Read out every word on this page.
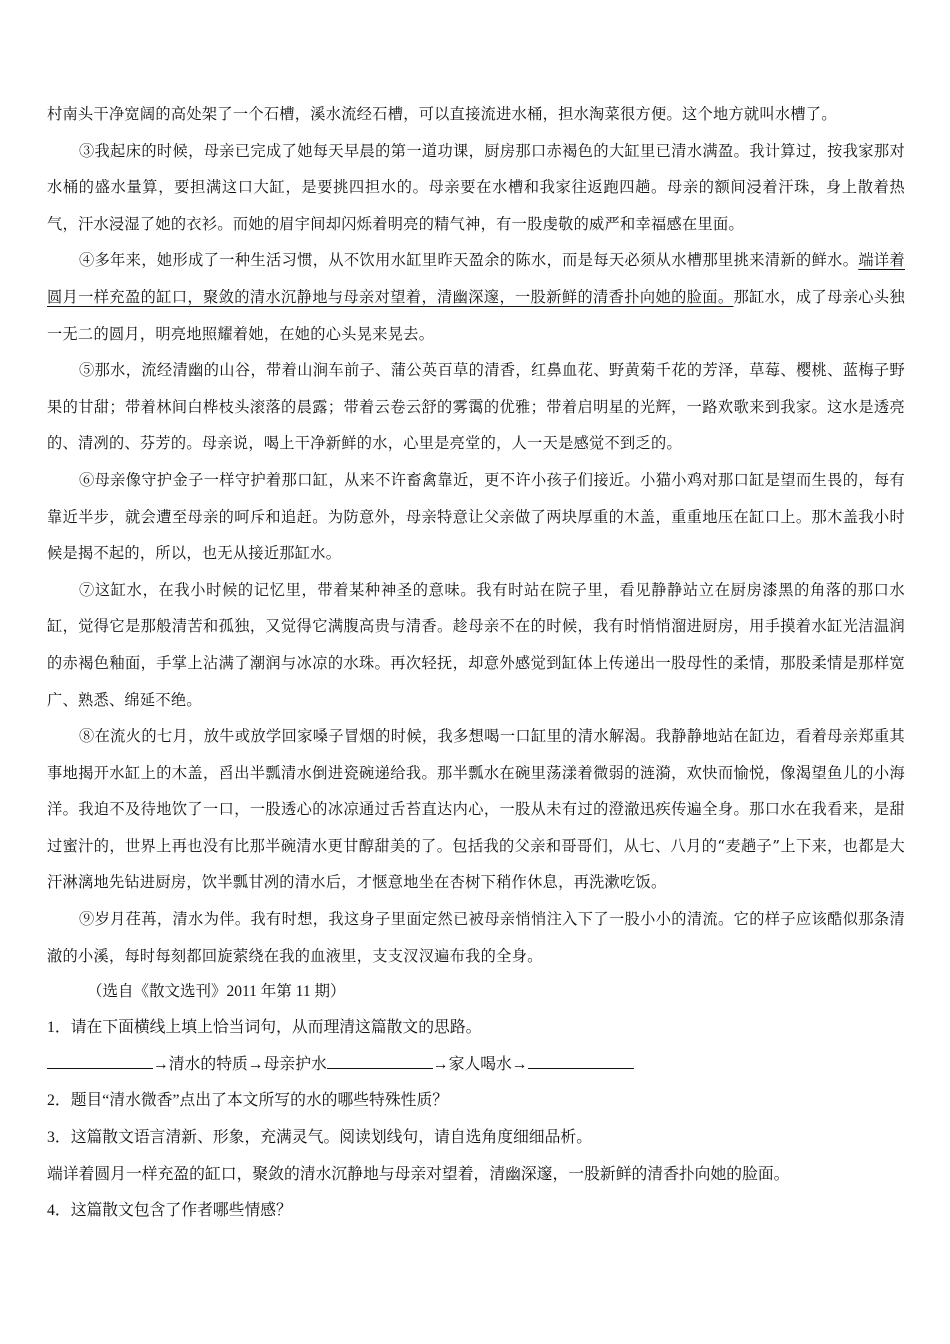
村南头干净宽阔的高处架了一个石槽，溪水流经石槽，可以直接流进水桶，担水淘菜很方便。这个地方就叫水槽了。

③我起床的时候，母亲已完成了她每天早晨的第一道功课，厨房那口赤褐色的大缸里已清水满盈。我计算过，按我家那对水桶的盛水量算，要担满这口大缸，是要挑四担水的。母亲要在水槽和我家往返跑四趟。母亲的额间浸着汗珠，身上散着热气，汗水浸湿了她的衣衫。而她的眉宇间却闪烁着明亮的精气神，有一股虔敬的威严和幸福感在里面。

④多年来，她形成了一种生活习惯，从不饮用水缸里昨天盈余的陈水，而是每天必须从水槽那里挑来清新的鲜水。端详着圆月一样充盈的缸口，聚敛的清水沉静地与母亲对望着，清幽深邃，一股新鲜的清香扑向她的脸面。那缸水，成了母亲心头独一无二的圆月，明亮地照耀着她，在她的心头晃来晃去。

⑤那水，流经清幽的山谷，带着山涧车前子、蒲公英百草的清香，红鼻血花、野黄菊千花的芳泽，草莓、樱桃、蓝梅子野果的甘甜；带着林间白桦枝头滚落的晨露；带着云卷云舒的雾霭的优雅；带着启明星的光辉，一路欢歌来到我家。这水是透亮的、清冽的、芬芳的。母亲说，喝上干净新鲜的水，心里是亮堂的，人一天是感觉不到乏的。

⑥母亲像守护金子一样守护着那口缸，从来不许畜禽靠近，更不许小孩子们接近。小猫小鸡对那口缸是望而生畏的，每有靠近半步，就会遭至母亲的呵斥和追赶。为防意外，母亲特意让父亲做了两块厚重的木盖，重重地压在缸口上。那木盖我小时候是揭不起的，所以，也无从接近那缸水。

⑦这缸水，在我小时候的记忆里，带着某种神圣的意味。我有时站在院子里，看见静静站立在厨房漆黑的角落的那口水缸，觉得它是那般清苦和孤独，又觉得它满腹高贵与清香。趁母亲不在的时候，我有时悄悄溜进厨房，用手摸着水缸光洁温润的赤褐色釉面，手掌上沾满了潮润与冰凉的水珠。再次轻抚，却意外感觉到缸体上传递出一股母性的柔情，那股柔情是那样宽广、熟悉、绵延不绝。

⑧在流火的七月，放牛或放学回家嗓子冒烟的时候，我多想喝一口缸里的清水解渴。我静静地站在缸边，看着母亲郑重其事地揭开水缸上的木盖，舀出半瓢清水倒进瓷碗递给我。那半瓢水在碗里荡漾着微弱的涟漪，欢快而愉悦，像渴望鱼儿的小海洋。我迫不及待地饮了一口，一股透心的冰凉通过舌苔直达内心，一股从未有过的澄澈迅疾传遍全身。那口水在我看来，是甜过蜜汁的，世界上再也没有比那半碗清水更甘醇甜美的了。包括我的父亲和哥哥们，从七、八月的“麦趟子”上下来，也都是大汗淋漓地先钻进厨房，饮半瓢甘冽的清水后，才惬意地坐在杏树下稍作休息，再洗漱吃饭。

⑨岁月荏苒，清水为伴。我有时想，我这身子里面定然已被母亲悄悄注入下了一股小小的清流。它的样子应该酷似那条清澈的小溪，每时每刻都回旋萦绕在我的血液里，支支汊汊遍布我的全身。

（选自《散文选刊》2011 年第 11 期）

1．请在下面横线上填上恰当词句，从而理清这篇散文的思路。

→清水的特质→母亲护水	→家人喝水→

2．题目“清水微香”点出了本文所写的水的哪些特殊性质？

3．这篇散文语言清新、形象，充满灵气。阅读划线句，请自选角度细细品析。

端详着圆月一样充盈的缸口，聚敛的清水沉静地与母亲对望着，清幽深邃，一股新鲜的清香扑向她的脸面。

4．这篇散文包含了作者哪些情感？
